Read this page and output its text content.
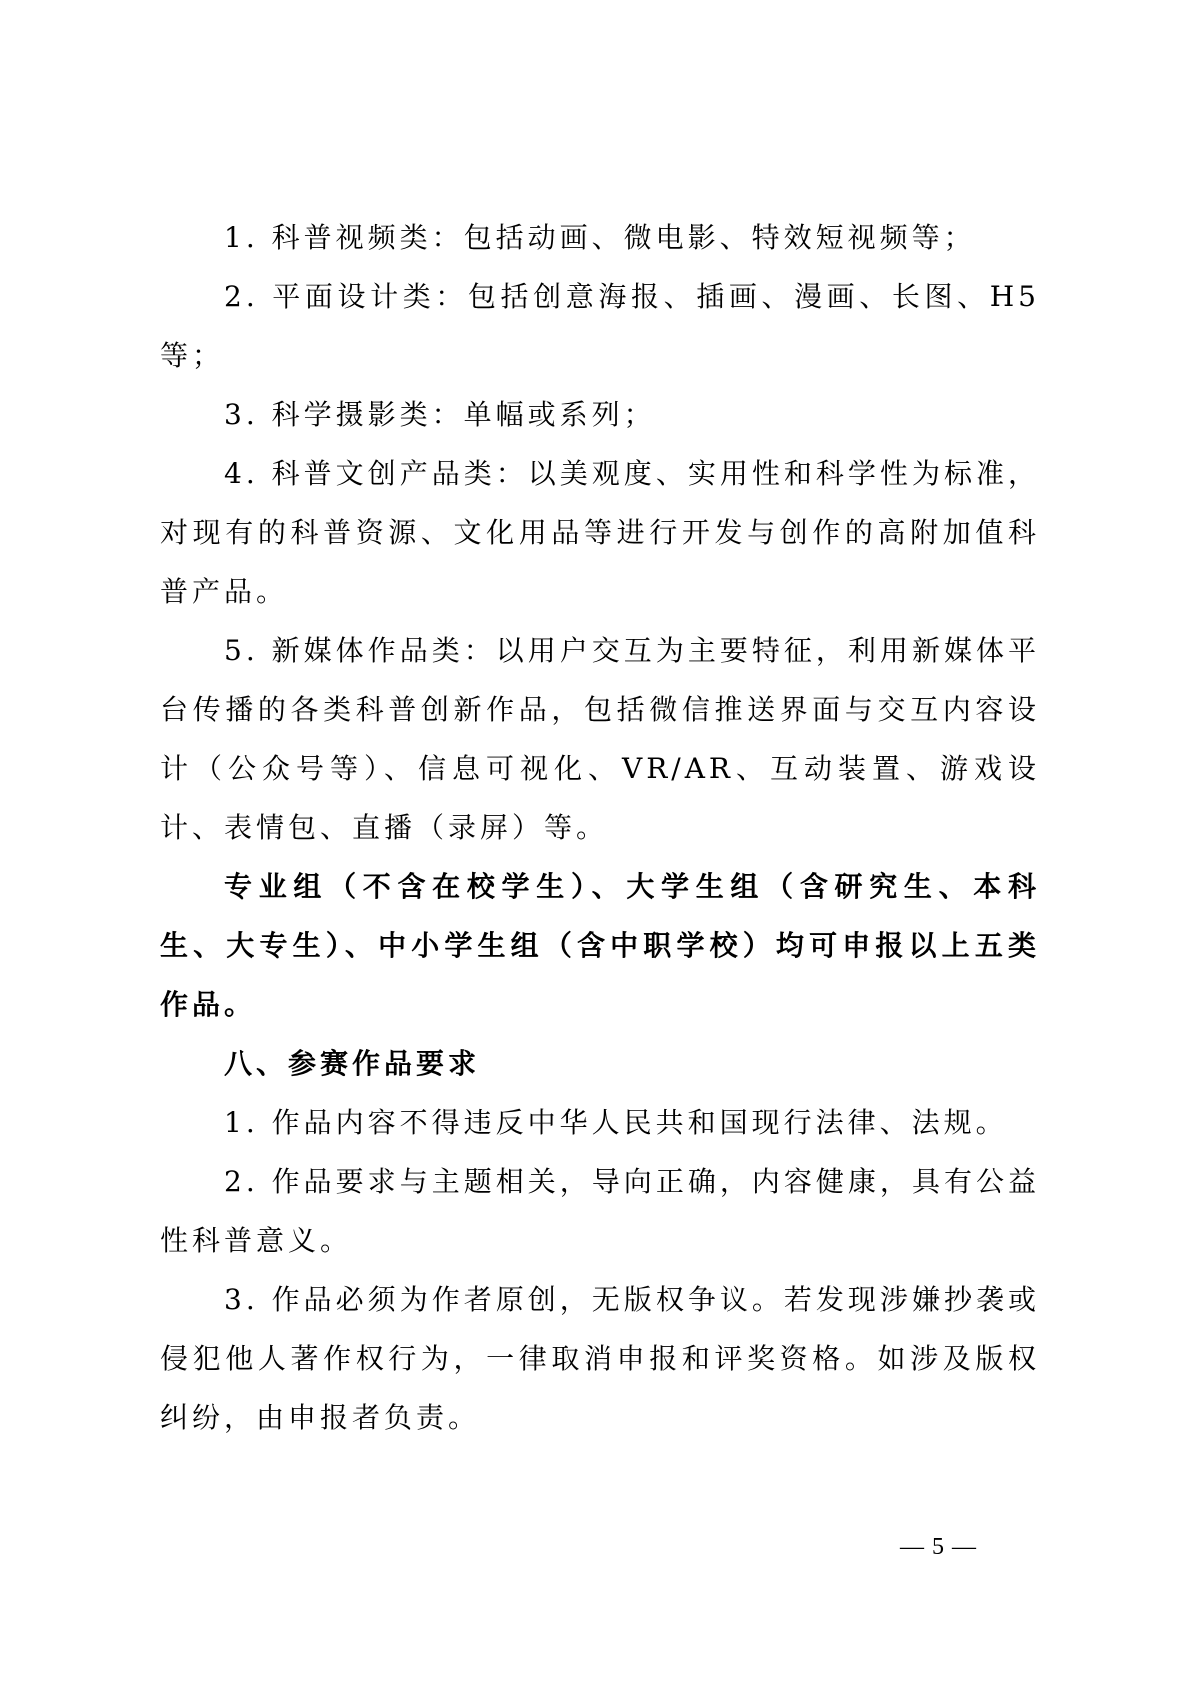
1. 科普视频类：包括动画、微电影、特效短视频等；

2. 平面设计类：包括创意海报、插画、漫画、长图、H5等；

3. 科学摄影类：单幅或系列；

4. 科普文创产品类：以美观度、实用性和科学性为标准，对现有的科普资源、文化用品等进行开发与创作的高附加值科普产品。

5. 新媒体作品类：以用户交互为主要特征，利用新媒体平台传播的各类科普创新作品，包括微信推送界面与交互内容设计（公众号等）、信息可视化、VR/AR、互动装置、游戏设计、表情包、直播（录屏）等。

专业组（不含在校学生）、大学生组（含研究生、本科生、大专生）、中小学生组（含中职学校）均可申报以上五类作品。

八、参赛作品要求

1. 作品内容不得违反中华人民共和国现行法律、法规。

2. 作品要求与主题相关，导向正确，内容健康，具有公益性科普意义。

3. 作品必须为作者原创，无版权争议。若发现涉嫌抄袭或侵犯他人著作权行为，一律取消申报和评奖资格。如涉及版权纠纷，由申报者负责。

— 5 —
